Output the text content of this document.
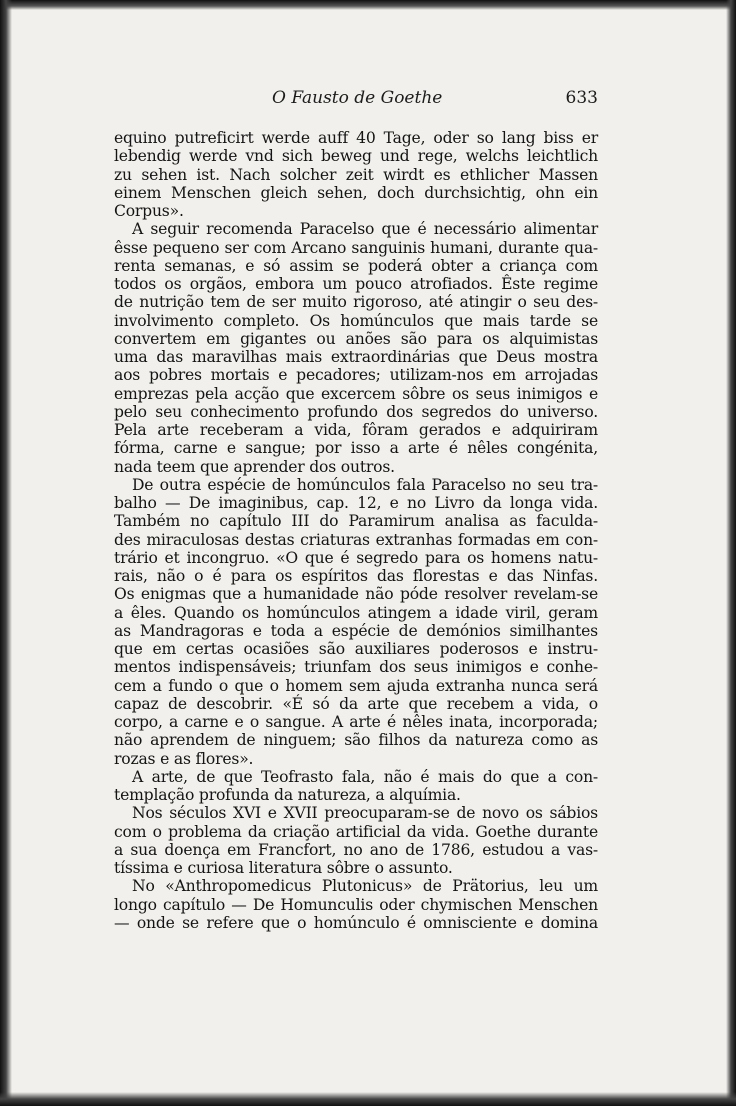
O Fausto de Goethe	633
equino putreficirt werde auff 40 Tage, oder so lang biss er
lebendig werde vnd sich beweg und rege, welchs leichtlich
zu sehen ist. Nach solcher zeit wirdt es ethlicher Massen
einem Menschen gleich sehen, doch durchsichtig, ohn ein
Corpus».
A seguir recomenda Paracelso que é necessário alimentar
êsse pequeno ser com Arcano sanguinis humani, durante qua-
renta semanas, e só assim se poderá obter a criança com
todos os orgãos, embora um pouco atrofiados. Êste regime
de nutrição tem de ser muito rigoroso, até atingir o seu des-
involvimento completo. Os homúnculos que mais tarde se
convertem em gigantes ou anões são para os alquimistas
uma das maravilhas mais extraordinárias que Deus mostra
aos pobres mortais e pecadores; utilizam-nos em arrojadas
emprezas pela acção que excercem sôbre os seus inimigos e
pelo seu conhecimento profundo dos segredos do universo.
Pela arte receberam a vida, fôram gerados e adquiriram
fórma, carne e sangue; por isso a arte é nêles congénita,
nada teem que aprender dos outros.
De outra espécie de homúnculos fala Paracelso no seu tra-
balho — De imaginibus, cap. 12, e no Livro da longa vida.
Também no capítulo III do Paramirum analisa as faculda-
des miraculosas destas criaturas extranhas formadas em con-
trário et incongruo. «O que é segredo para os homens natu-
rais, não o é para os espíritos das florestas e das Ninfas.
Os enigmas que a humanidade não póde resolver revelam-se
a êles. Quando os homúnculos atingem a idade viril, geram
as Mandragoras e toda a espécie de demónios similhantes
que em certas ocasiões são auxiliares poderosos e instru-
mentos indispensáveis; triunfam dos seus inimigos e conhe-
cem a fundo o que o homem sem ajuda extranha nunca será
capaz de descobrir. «É só da arte que recebem a vida, o
corpo, a carne e o sangue. A arte é nêles inata, incorporada;
não aprendem de ninguem; são filhos da natureza como as
rozas e as flores».
A arte, de que Teofrasto fala, não é mais do que a con-
templação profunda da natureza, a alquímia.
Nos séculos XVI e XVII preocuparam-se de novo os sábios
com o problema da criação artificial da vida. Goethe durante
a sua doença em Francfort, no ano de 1786, estudou a vas-
tíssima e curiosa literatura sôbre o assunto.
No «Anthropomedicus Plutonicus» de Prätorius, leu um
longo capítulo — De Homunculis oder chymischen Menschen
— onde se refere que o homúnculo é omnisciente e domina
